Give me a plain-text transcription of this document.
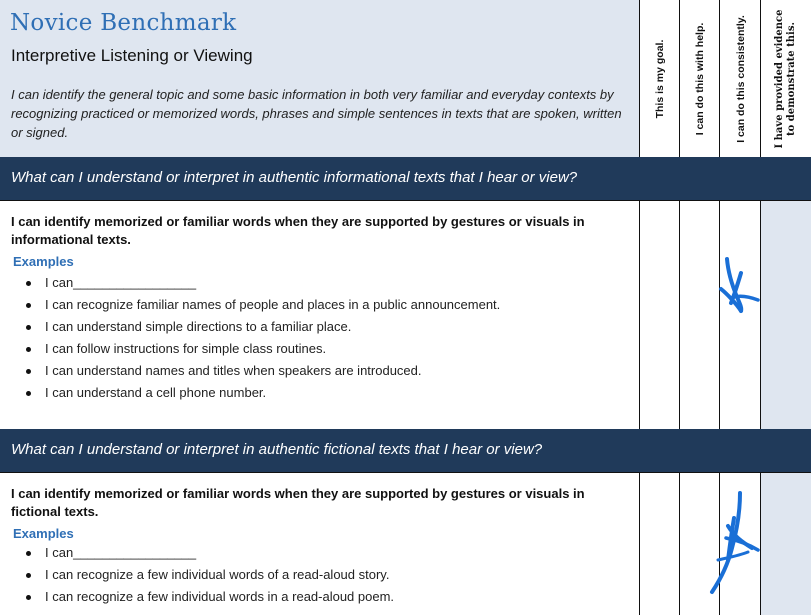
Novice Benchmark
Interpretive Listening or Viewing
I can identify the general topic and some basic information in both very familiar and everyday contexts by recognizing practiced or memorized words, phrases and simple sentences in texts that are spoken, written or signed.
This is my goal.	I can do this with help.	I can do this consistently.	I have provided evidence
to demonstrate this.
What can I understand or interpret in authentic informational texts that I hear or view?
I can identify memorized or familiar words when they are supported by gestures or visuals in informational texts.
Examples
I can_________________
I can recognize familiar names of people and places in a public announcement.
I can understand simple directions to a familiar place.
I can follow instructions for simple class routines.
I can understand names and titles when speakers are introduced.
I can understand a cell phone number.
What can I understand or interpret in authentic fictional texts that I hear or view?
I can identify memorized or familiar words when they are supported by gestures or visuals in fictional texts.
Examples
I can_________________
I can recognize a few individual words of a read-aloud story.
I can recognize a few individual words in a read-aloud poem.
